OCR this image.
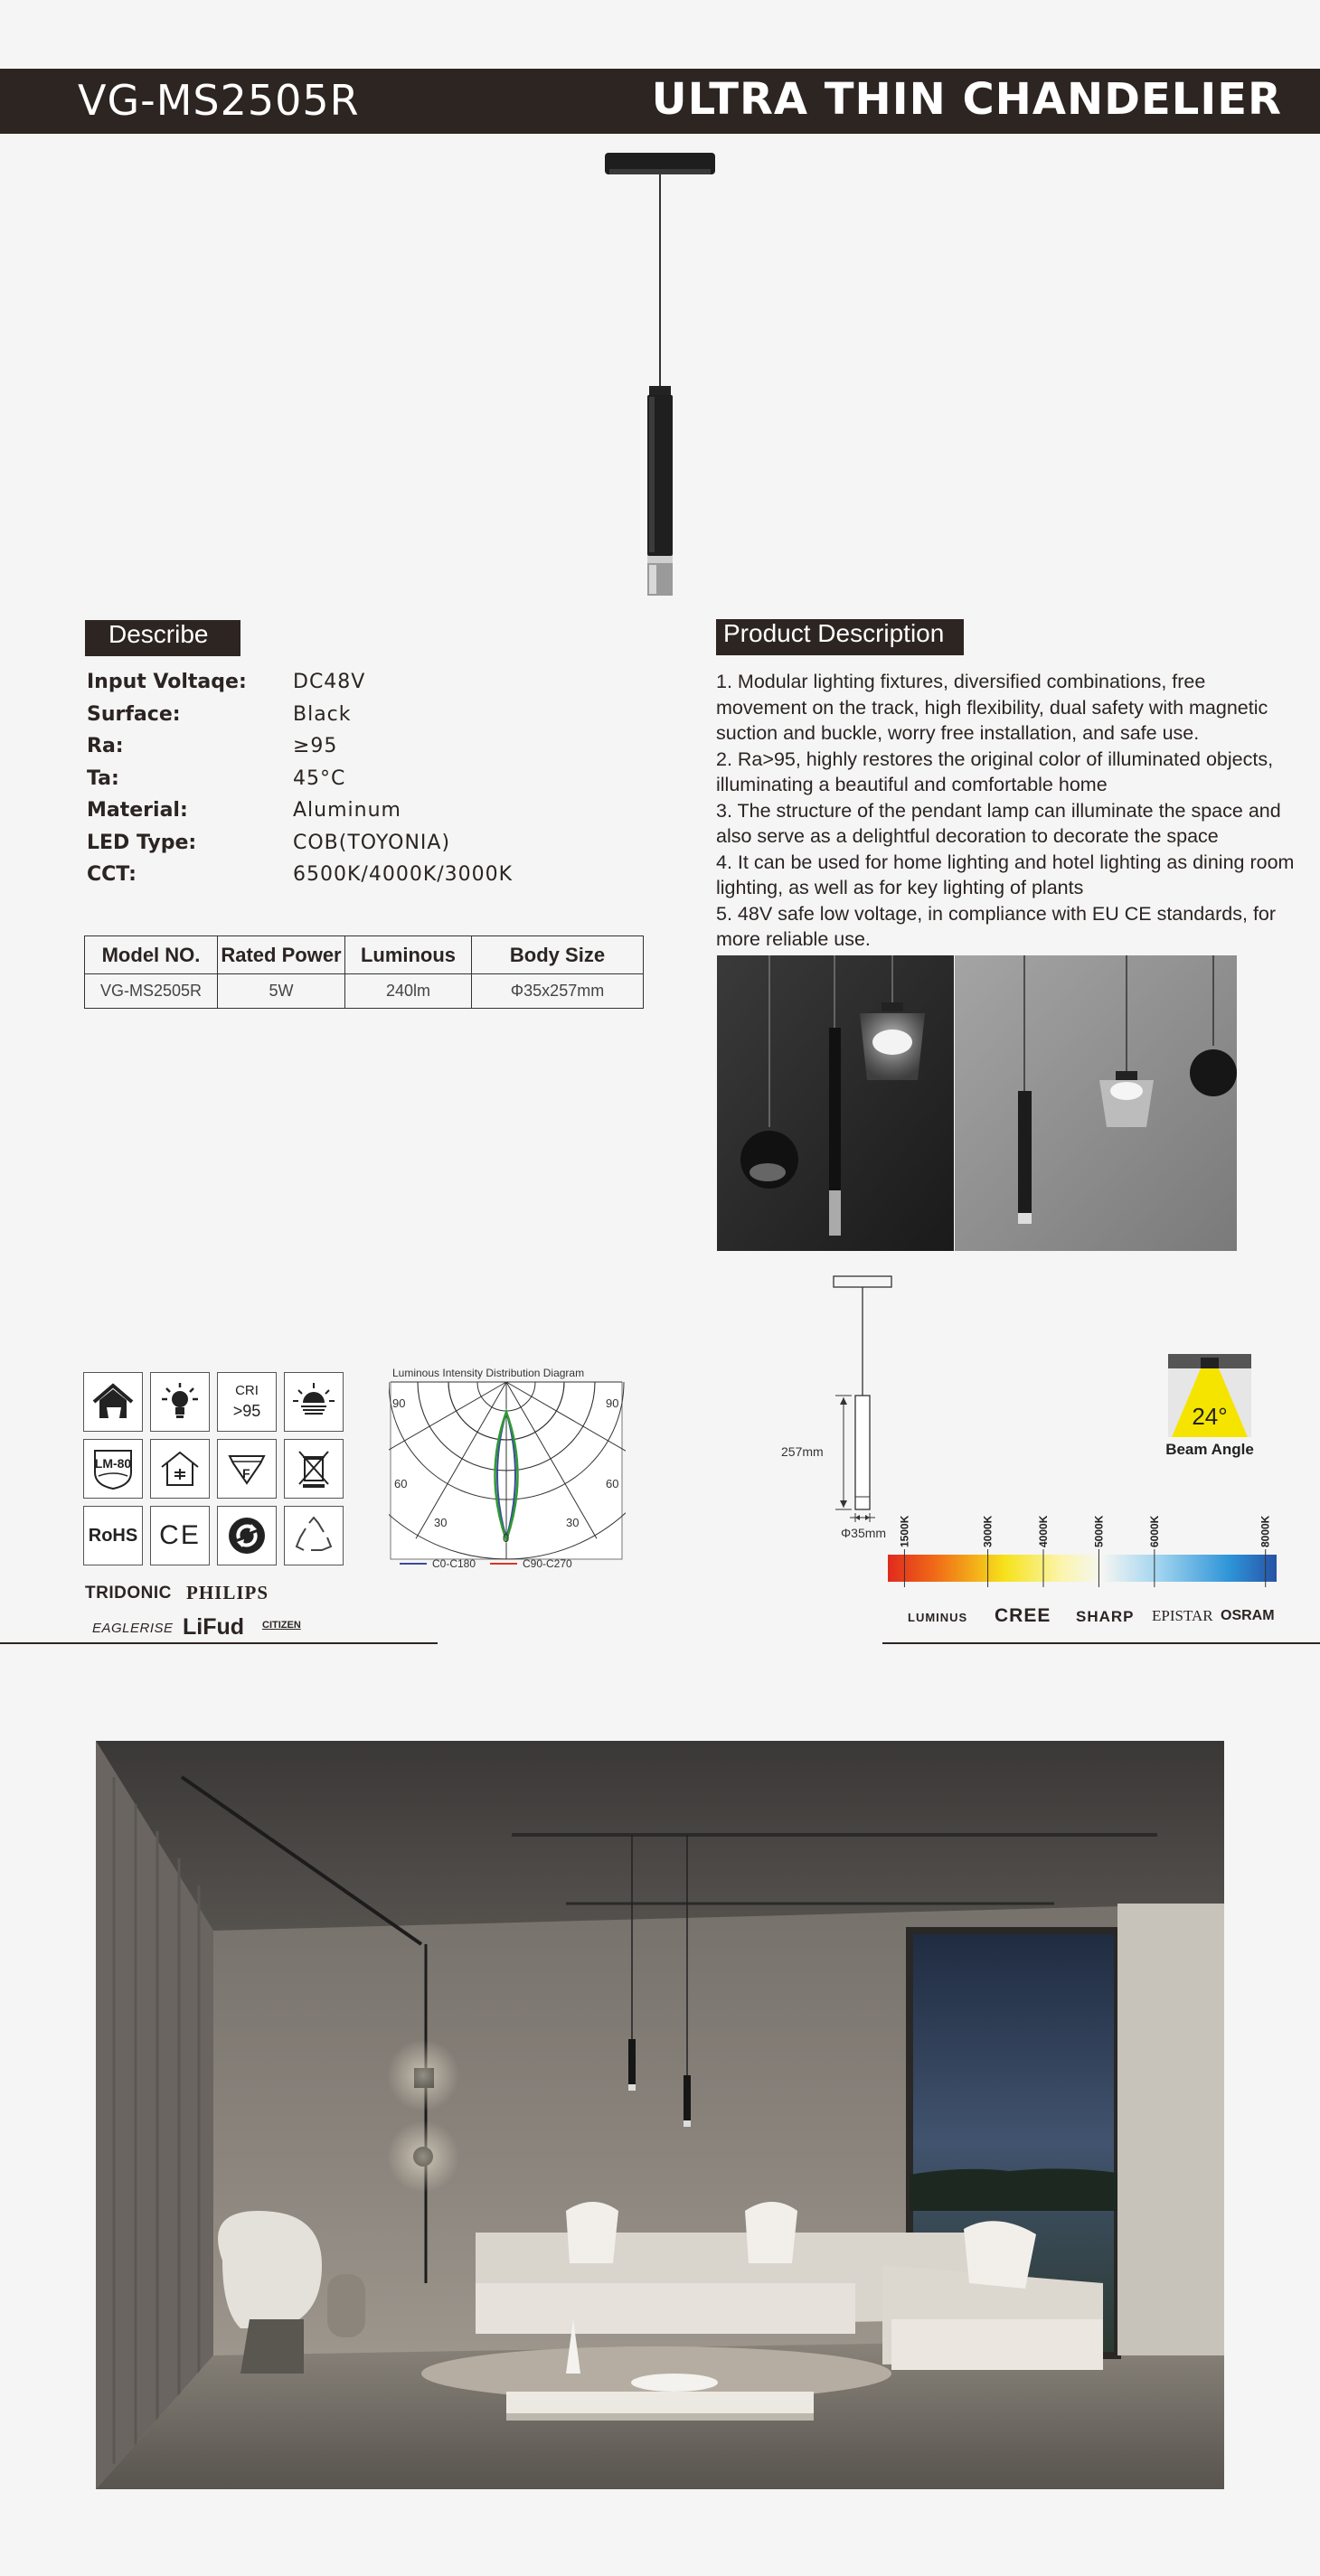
VG-MS2505R	ULTRA THIN CHANDELIER
Describe
Input Voltaqe: DC48V
Surface:	Black
Ra:	≥95
Ta:	45°C
Material:	Aluminum
LED Type:	COB(TOYONIA)
CCT:	6500K/4000K/3000K
Model NO.	Rated Power	Luminous	Body Size
VG-MS2505R	5W	240lm	Φ35x257mm
Product Description
1. Modular lighting fixtures, diversified combinations, free movement on the track, high flexibility, dual safety with magnetic suction and buckle, worry free installation, and safe use.
2. Ra>95, highly restores the original color of illuminated objects, illuminating a beautiful and comfortable home
3. The structure of the pendant lamp can illuminate the space and also serve as a delightful decoration to decorate the space
4. It can be used for home lighting and hotel lighting as dining room lighting, as well as for key lighting of plants
5. 48V safe low voltage, in compliance with EU CE standards, for more reliable use.
CRI
>95
LM-80
F
RoHS CE
Luminous Intensity Distribution Diagram
90	90
60	60
30	30
0
C0-C180	C90-C270
TRIDONIC PHILIPS
EAGLERISE LiFud CITIZEN
257mm
Φ35mm
24°
Beam Angle
1500K	3000K	4000K	5000K	6000K	8000K
LUMINUS CREE SHARP EPISTAR OSRAM
